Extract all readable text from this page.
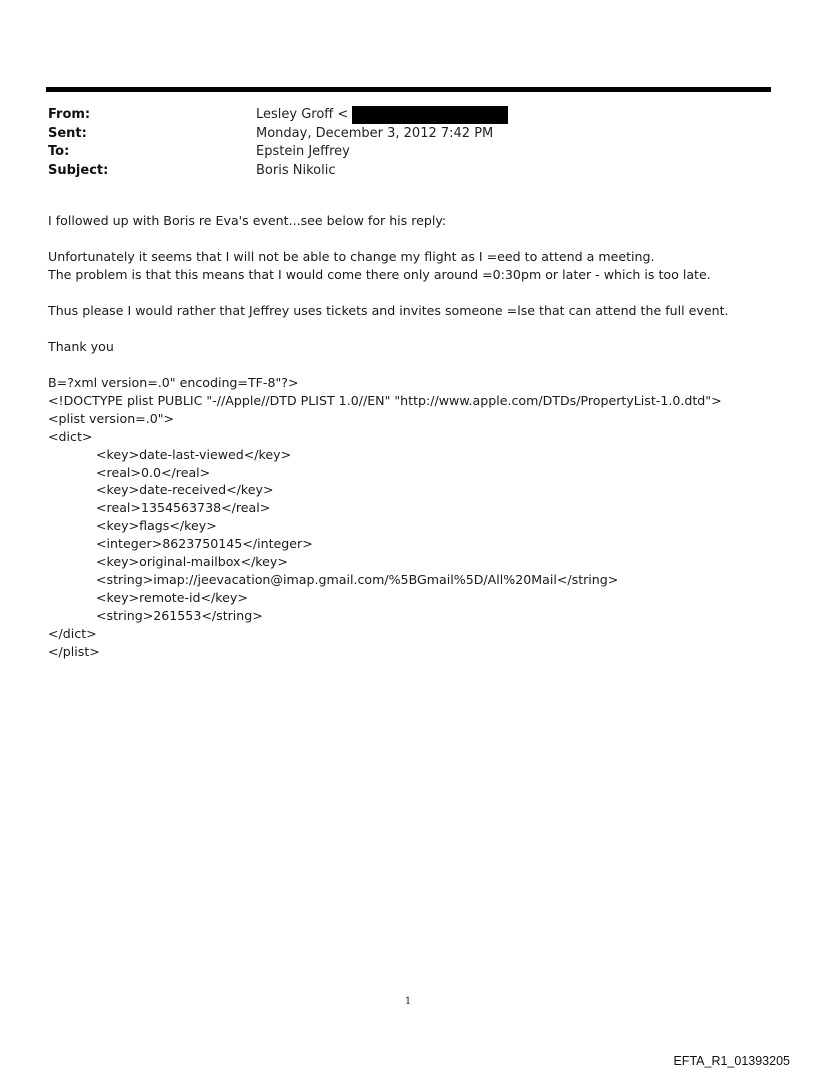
From:	Lesley Groff <
Sent:	Monday, December 3, 2012 7:42 PM
To:	Epstein Jeffrey
Subject:	Boris Nikolic

I followed up with Boris re Eva's event...see below for his reply:

Unfortunately it seems that I will not be able to change my flight as I =eed to attend a meeting.

The problem is that this means that I would come there only around =0:30pm or later - which is too late.

Thus please I would rather that Jeffrey uses tickets and invites someone =lse that can attend the full event.

Thank you

B=?xml version=.0" encoding=TF-8"?>

<!DOCTYPE plist PUBLIC "-//Apple//DTD PLIST 1.0//EN" "http://www.apple.com/DTDs/PropertyList-1.0.dtd">

<plist version=.0">

<dict>

<key>date-last-viewed</key>

<real>0.0</real>

<key>date-received</key>

<real>1354563738</real>

<key>flags</key>

<integer>8623750145</integer>

<key>original-mailbox</key>

<string>imap://jeevacation@imap.gmail.com/%5BGmail%5D/All%20Mail</string>

<key>remote-id</key>

<string>261553</string>

</dict>

</plist>

1
EFTA_R1_01393205
